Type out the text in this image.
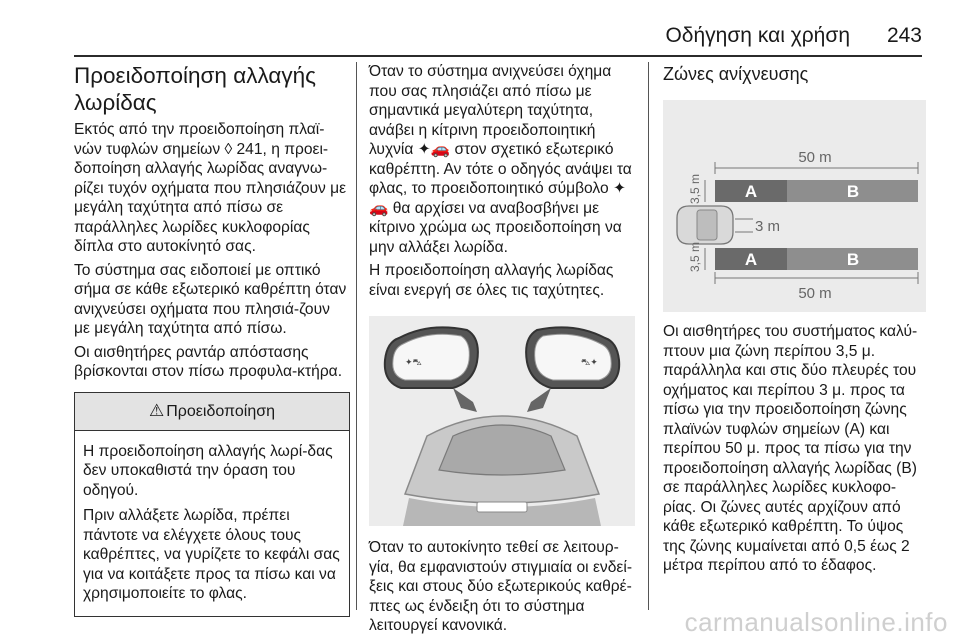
Οδήγηση και χρήση 243
Προειδοποίηση αλλαγής λωρίδας

Εκτός από την προειδοποίηση πλαϊ-νών τυφλών σημείων ◊ 241, η προει-δοποίηση αλλαγής λωρίδας αναγνω-ρίζει τυχόν οχήματα που πλησιάζουν με μεγάλη ταχύτητα από πίσω σε παράλληλες λωρίδες κυκλοφορίας δίπλα στο αυτοκίνητό σας.

Το σύστημα σας ειδοποιεί με οπτικό σήμα σε κάθε εξωτερικό καθρέπτη όταν ανιχνεύσει οχήματα που πλησιά-ζουν με μεγάλη ταχύτητα από πίσω.

Οι αισθητήρες ραντάρ απόστασης βρίσκονται στον πίσω προφυλα-κτήρα.

⚠ Προειδοποίηση

Η προειδοποίηση αλλαγής λωρί-δας δεν υποκαθιστά την όραση του οδηγού.

Πριν αλλάξετε λωρίδα, πρέπει πάντοτε να ελέγχετε όλους τους καθρέπτες, να γυρίζετε το κεφάλι σας για να κοιτάξετε προς τα πίσω και να χρησιμοποιείτε το φλας.

Όταν το σύστημα ανιχνεύσει όχημα που σας πλησιάζει από πίσω με σημαντικά μεγαλύτερη ταχύτητα, ανάβει η κίτρινη προειδοποιητική λυχνία ✦🚗 στον σχετικό εξωτερικό καθρέπτη. Αν τότε ο οδηγός ανάψει τα φλας, το προειδοποιητικό σύμβολο ✦🚗 θα αρχίσει να αναβοσβήνει με κίτρινο χρώμα ως προειδοποίηση να μην αλλάξει λωρίδα.

Η προειδοποίηση αλλαγής λωρίδας είναι ενεργή σε όλες τις ταχύτητες.

✦⛍	⛍✦

Όταν το αυτοκίνητο τεθεί σε λειτουρ-γία, θα εμφανιστούν στιγμιαία οι ενδεί-ξεις και στους δύο εξωτερικούς καθρέ-πτες ως ένδειξη ότι το σύστημα λειτουργεί κανονικά.

Ζώνες ανίχνευσης
50 m
A	B
3,5 m
3 m
A	B
3,5 m
50 m

Οι αισθητήρες του συστήματος καλύ-πτουν μια ζώνη περίπου 3,5 μ. παράλληλα και στις δύο πλευρές του οχήματος και περίπου 3 μ. προς τα πίσω για την προειδοποίηση ζώνης πλαϊνών τυφλών σημείων (A) και περίπου 50 μ. προς τα πίσω για την προειδοποίηση αλλαγής λωρίδας (B) σε παράλληλες λωρίδες κυκλοφο-ρίας. Οι ζώνες αυτές αρχίζουν από κάθε εξωτερικό καθρέπτη. Το ύψος της ζώνης κυμαίνεται από 0,5 έως 2 μέτρα περίπου από το έδαφος.

carmanualsonline.info
